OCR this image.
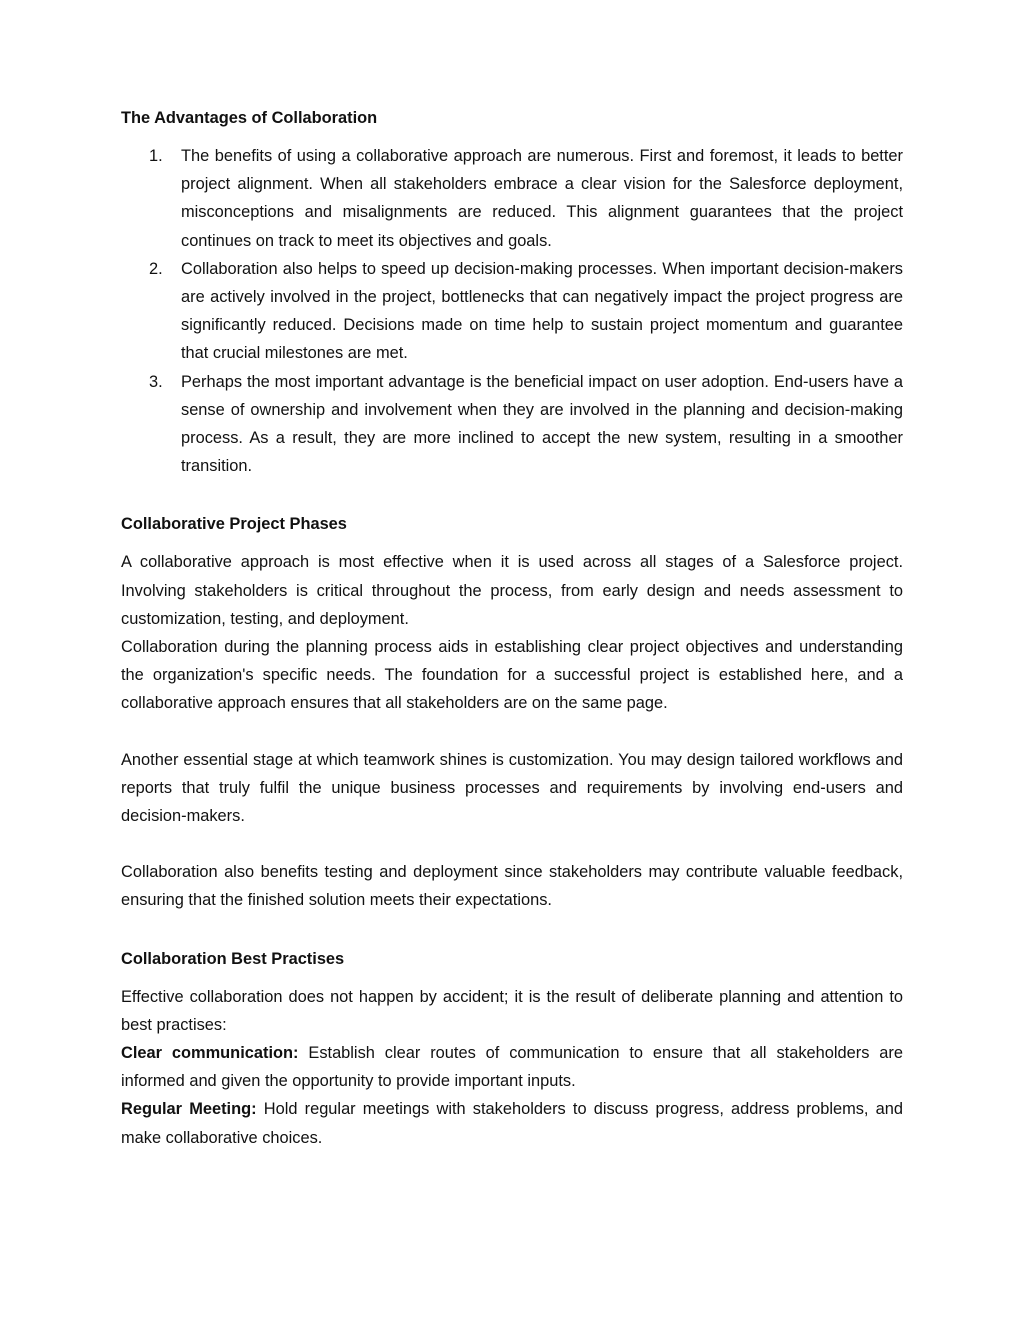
The Advantages of Collaboration
1. The benefits of using a collaborative approach are numerous. First and foremost, it leads to better project alignment. When all stakeholders embrace a clear vision for the Salesforce deployment, misconceptions and misalignments are reduced. This alignment guarantees that the project continues on track to meet its objectives and goals.
2. Collaboration also helps to speed up decision-making processes. When important decision-makers are actively involved in the project, bottlenecks that can negatively impact the project progress are significantly reduced. Decisions made on time help to sustain project momentum and guarantee that crucial milestones are met.
3. Perhaps the most important advantage is the beneficial impact on user adoption. End-users have a sense of ownership and involvement when they are involved in the planning and decision-making process. As a result, they are more inclined to accept the new system, resulting in a smoother transition.
Collaborative Project Phases

A collaborative approach is most effective when it is used across all stages of a Salesforce project. Involving stakeholders is critical throughout the process, from early design and needs assessment to customization, testing, and deployment.

Collaboration during the planning process aids in establishing clear project objectives and understanding the organization's specific needs. The foundation for a successful project is established here, and a collaborative approach ensures that all stakeholders are on the same page.

Another essential stage at which teamwork shines is customization. You may design tailored workflows and reports that truly fulfil the unique business processes and requirements by involving end-users and decision-makers.

Collaboration also benefits testing and deployment since stakeholders may contribute valuable feedback, ensuring that the finished solution meets their expectations.

Collaboration Best Practises

Effective collaboration does not happen by accident; it is the result of deliberate planning and attention to best practises:

Clear communication: Establish clear routes of communication to ensure that all stakeholders are informed and given the opportunity to provide important inputs.

Regular Meeting: Hold regular meetings with stakeholders to discuss progress, address problems, and make collaborative choices.
